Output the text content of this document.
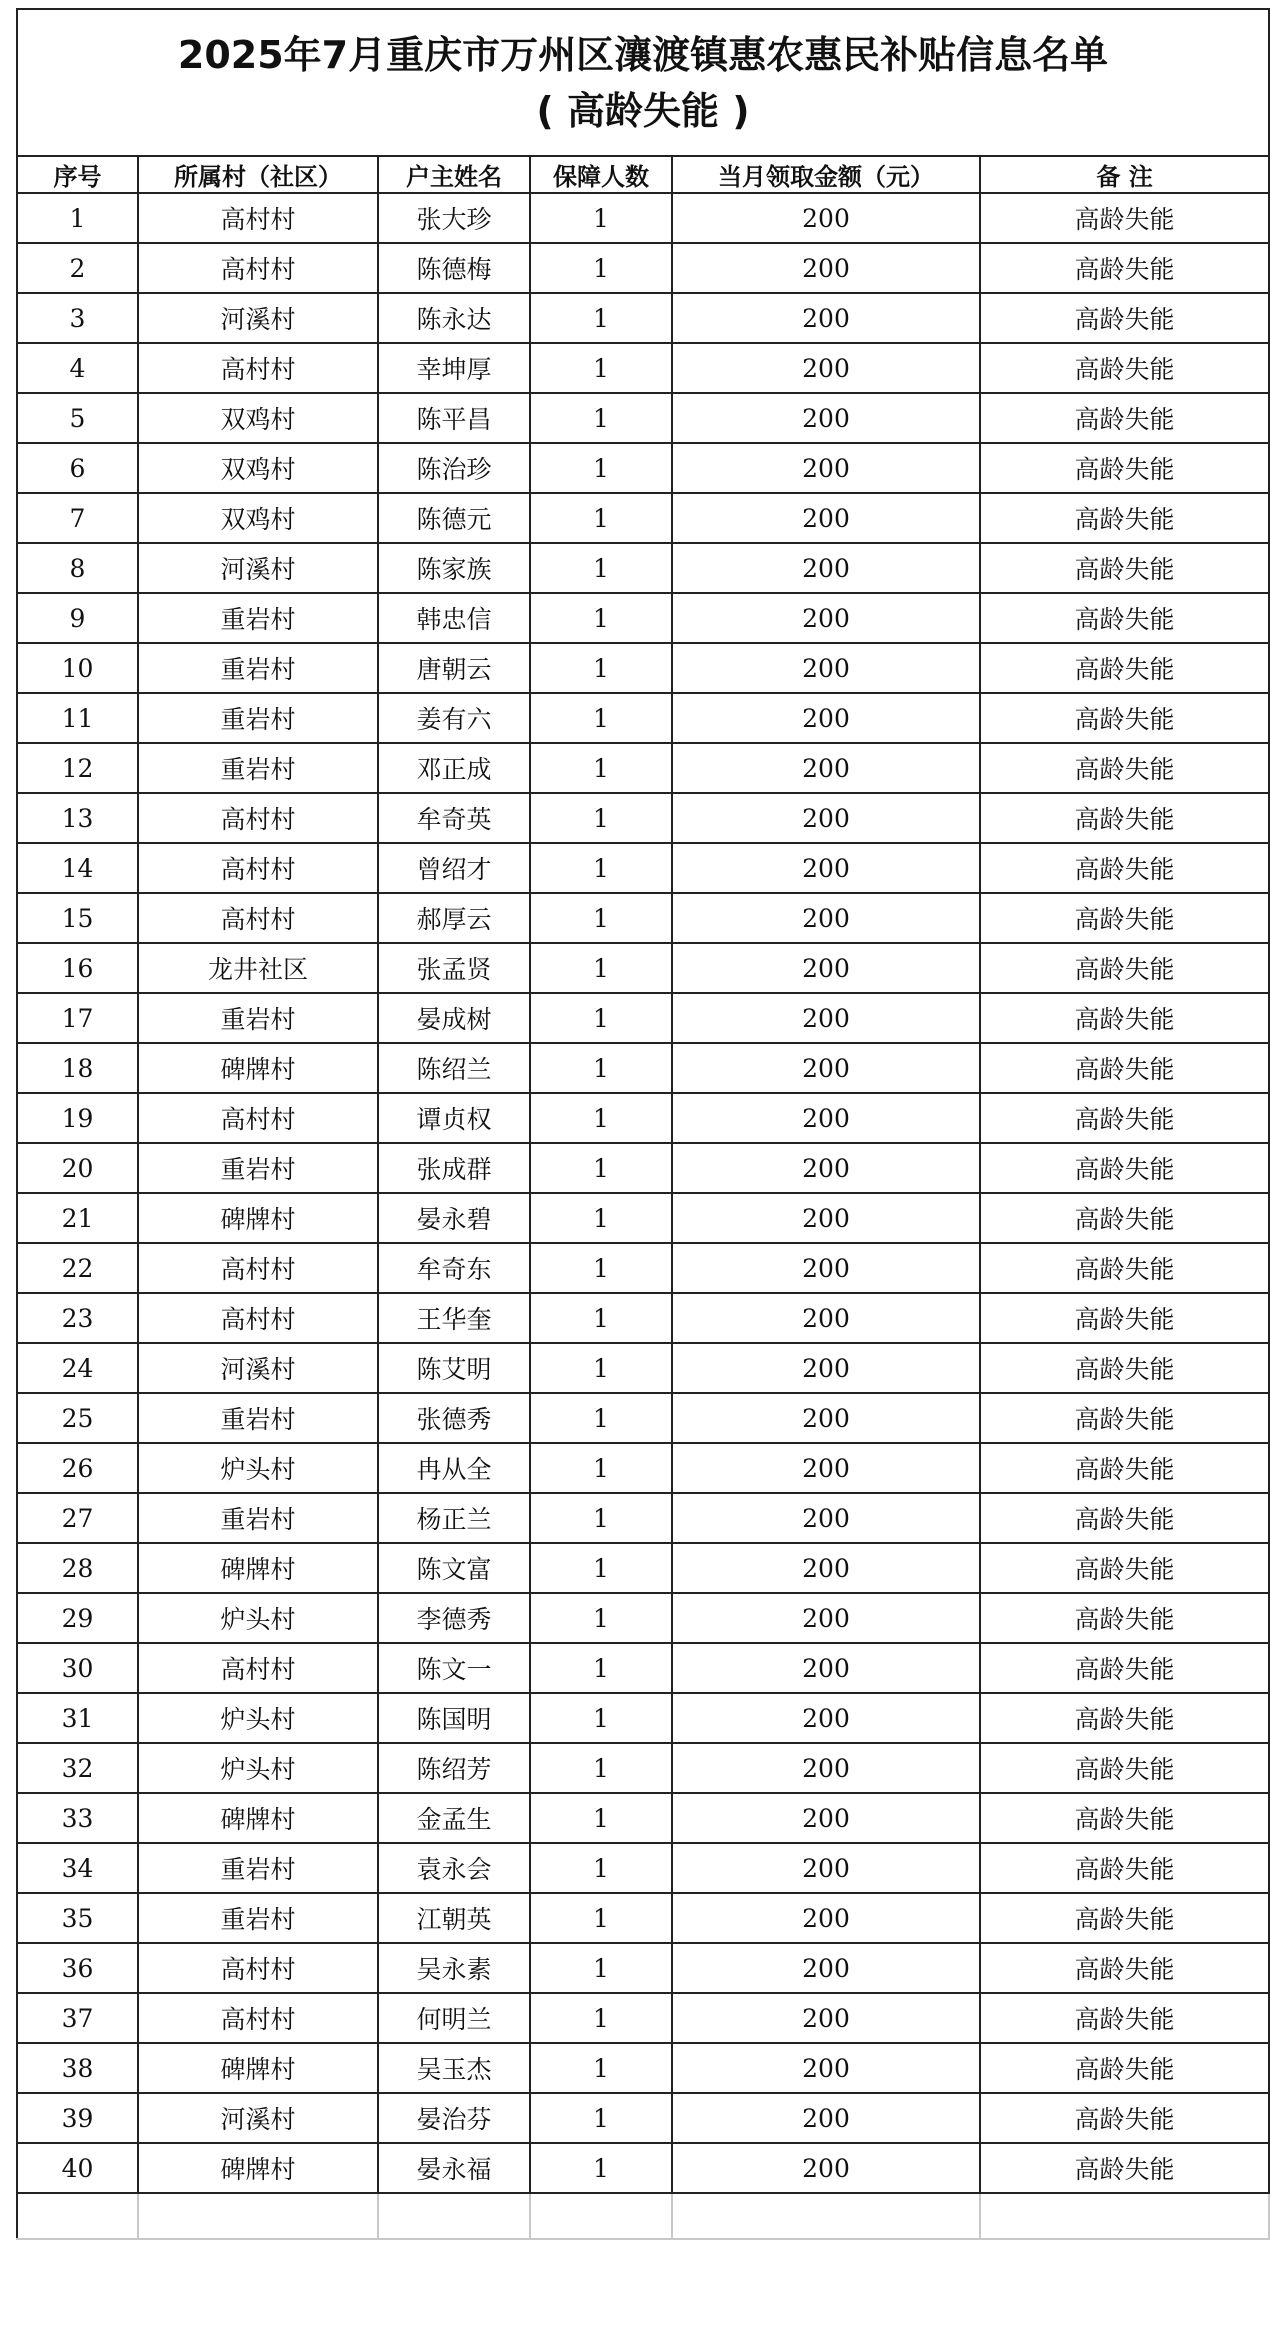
2025年7月重庆市万州区瀼渡镇惠农惠民补贴信息名单
( 高龄失能 )					

序号	所属村（社区）	户主姓名	保障人数	当月领取金额（元）	备 注
1	高村村	张大珍	1	200	高龄失能
2	高村村	陈德梅	1	200	高龄失能
3	河溪村	陈永达	1	200	高龄失能
4	高村村	幸坤厚	1	200	高龄失能
5	双鸡村	陈平昌	1	200	高龄失能
6	双鸡村	陈治珍	1	200	高龄失能
7	双鸡村	陈德元	1	200	高龄失能
8	河溪村	陈家族	1	200	高龄失能
9	重岩村	韩忠信	1	200	高龄失能
10	重岩村	唐朝云	1	200	高龄失能
11	重岩村	姜有六	1	200	高龄失能
12	重岩村	邓正成	1	200	高龄失能
13	高村村	牟奇英	1	200	高龄失能
14	高村村	曾绍才	1	200	高龄失能
15	高村村	郝厚云	1	200	高龄失能
16	龙井社区	张孟贤	1	200	高龄失能
17	重岩村	晏成树	1	200	高龄失能
18	碑牌村	陈绍兰	1	200	高龄失能
19	高村村	谭贞权	1	200	高龄失能
20	重岩村	张成群	1	200	高龄失能
21	碑牌村	晏永碧	1	200	高龄失能
22	高村村	牟奇东	1	200	高龄失能
23	高村村	王华奎	1	200	高龄失能
24	河溪村	陈艾明	1	200	高龄失能
25	重岩村	张德秀	1	200	高龄失能
26	炉头村	冉从全	1	200	高龄失能
27	重岩村	杨正兰	1	200	高龄失能
28	碑牌村	陈文富	1	200	高龄失能
29	炉头村	李德秀	1	200	高龄失能
30	高村村	陈文一	1	200	高龄失能
31	炉头村	陈国明	1	200	高龄失能
32	炉头村	陈绍芳	1	200	高龄失能
33	碑牌村	金孟生	1	200	高龄失能
34	重岩村	袁永会	1	200	高龄失能
35	重岩村	江朝英	1	200	高龄失能
36	高村村	吴永素	1	200	高龄失能
37	高村村	何明兰	1	200	高龄失能
38	碑牌村	吴玉杰	1	200	高龄失能
39	河溪村	晏治芬	1	200	高龄失能
40	碑牌村	晏永福	1	200	高龄失能
